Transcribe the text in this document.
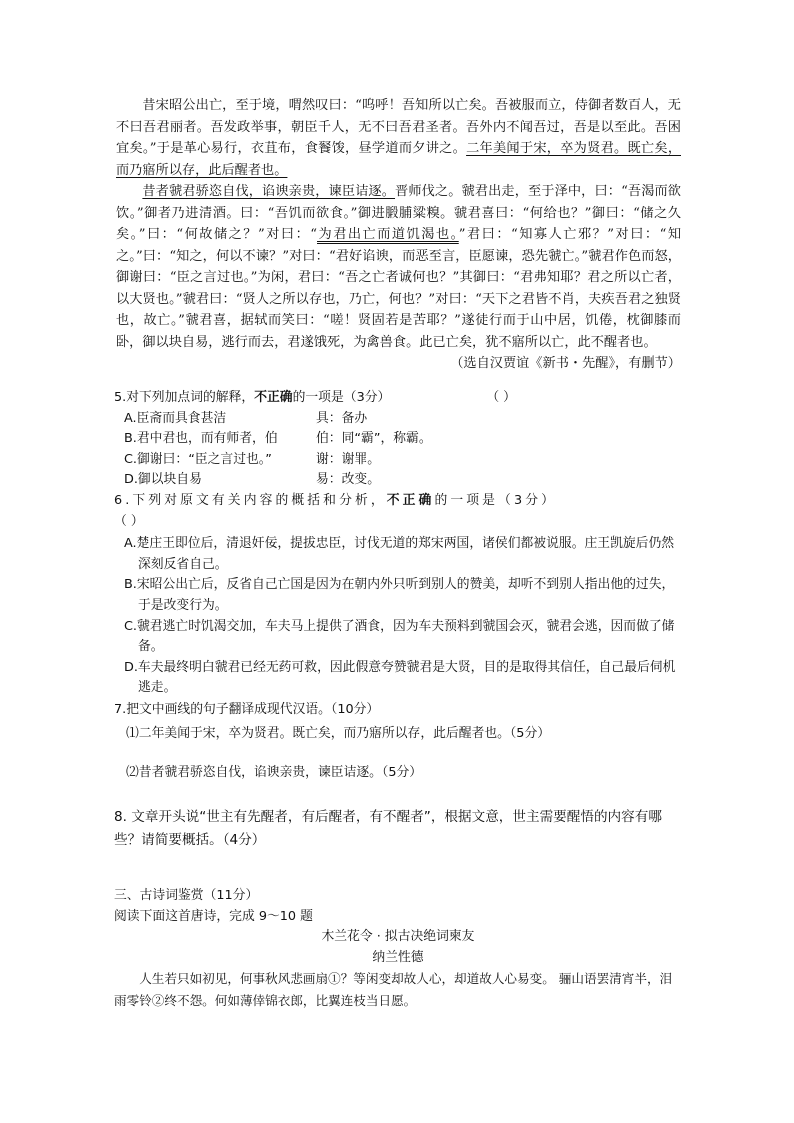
昔宋昭公出亡，至于境，喟然叹曰：“呜呼！吾知所以亡矣。吾被服而立，侍御者数百人，无不曰吾君丽者。吾发政举事，朝臣千人，无不曰吾君圣者。吾外内不闻吾过，吾是以至此。吾困宜矣。”于是革心易行，衣苴布，食䬸馂，昼学道而夕讲之。二年美闻于宋，卒为贤君。既亡矣，而乃寤所以存，此后醒者也。

昔者虢君骄恣自伐，谄谀亲贵，谏臣诘逐。晋师伐之。虢君出走，至于泽中，曰：“吾渴而欲饮。”御者乃进清酒。曰：“吾饥而欲食。”御进腶脯粱糗。虢君喜曰：“何给也？”御曰：“储之久矣。”曰：“何故储之？”对曰：“为君出亡而道饥渴也。”君曰：“知寡人亡邪？”对曰：“知之。”曰：“知之，何以不谏？”对曰：“君好谄谀，而恶至言，臣愿谏，恐先虢亡。”虢君作色而怒，御谢曰：“臣之言过也。”为闲，君曰：“吾之亡者诚何也？”其御曰：“君弗知耶？君之所以亡者，以大贤也。”虢君曰：“贤人之所以存也，乃亡，何也？”对曰：“天下之君皆不肖，夫疾吾君之独贤也，故亡。”虢君喜，据轼而笑曰：“嗟！贤固若是苦耶？”遂徒行而于山中居，饥倦，枕御膝而卧，御以块自易，逃行而去，君遂饿死，为禽兽食。此已亡矣，犹不寤所以亡，此不醒者也。

（选自汉贾谊《新书・先醒》，有删节）
5.对下列加点词的解释， 不正确 的一项是（3分）	（ ）
A.臣斋而具食甚洁	具：备办
B.君中君也，而有师者，伯	伯：同“霸”，称霸。
C.御谢曰：“臣之言过也。”	谢：谢罪。
D.御以块自易	易：改变。
6.下列对原文有关内容的概括和分析，不正确的一项是（3分）
（ ）
A.楚庄王即位后，清退奸佞，提拔忠臣，讨伐无道的郑宋两国，诸侯们都被说服。庄王凯旋后仍然深刻反省自己。
B.宋昭公出亡后，反省自己亡国是因为在朝内外只听到别人的赞美，却听不到别人指出他的过失，于是改变行为。
C.虢君逃亡时饥渴交加，车夫马上提供了酒食，因为车夫预料到虢国会灭，虢君会逃，因而做了储备。
D.车夫最终明白虢君已经无药可救，因此假意夸赞虢君是大贤，目的是取得其信任，自己最后伺机逃走。
7.把文中画线的句子翻译成现代汉语。（10分）
⑴二年美闻于宋，卒为贤君。既亡矣，而乃寤所以存，此后醒者也。（5分）
⑵昔者虢君骄恣自伐，谄谀亲贵，谏臣诘逐。（5分）
8. 文章开头说“世主有先醒者，有后醒者，有不醒者”，根据文意，世主需要醒悟的内容有哪些？请简要概括。（4分）
三、古诗词鉴赏（11分）
阅读下面这首唐诗，完成 9～10 题
木兰花令 · 拟古决绝词柬友
纳兰性德

人生若只如初见，何事秋风悲画扇①？等闲变却故人心，却道故人心易变。 骊山语罢清宵半，泪雨零铃②终不怨。何如薄倖锦衣郎，比翼连枝当日愿。
